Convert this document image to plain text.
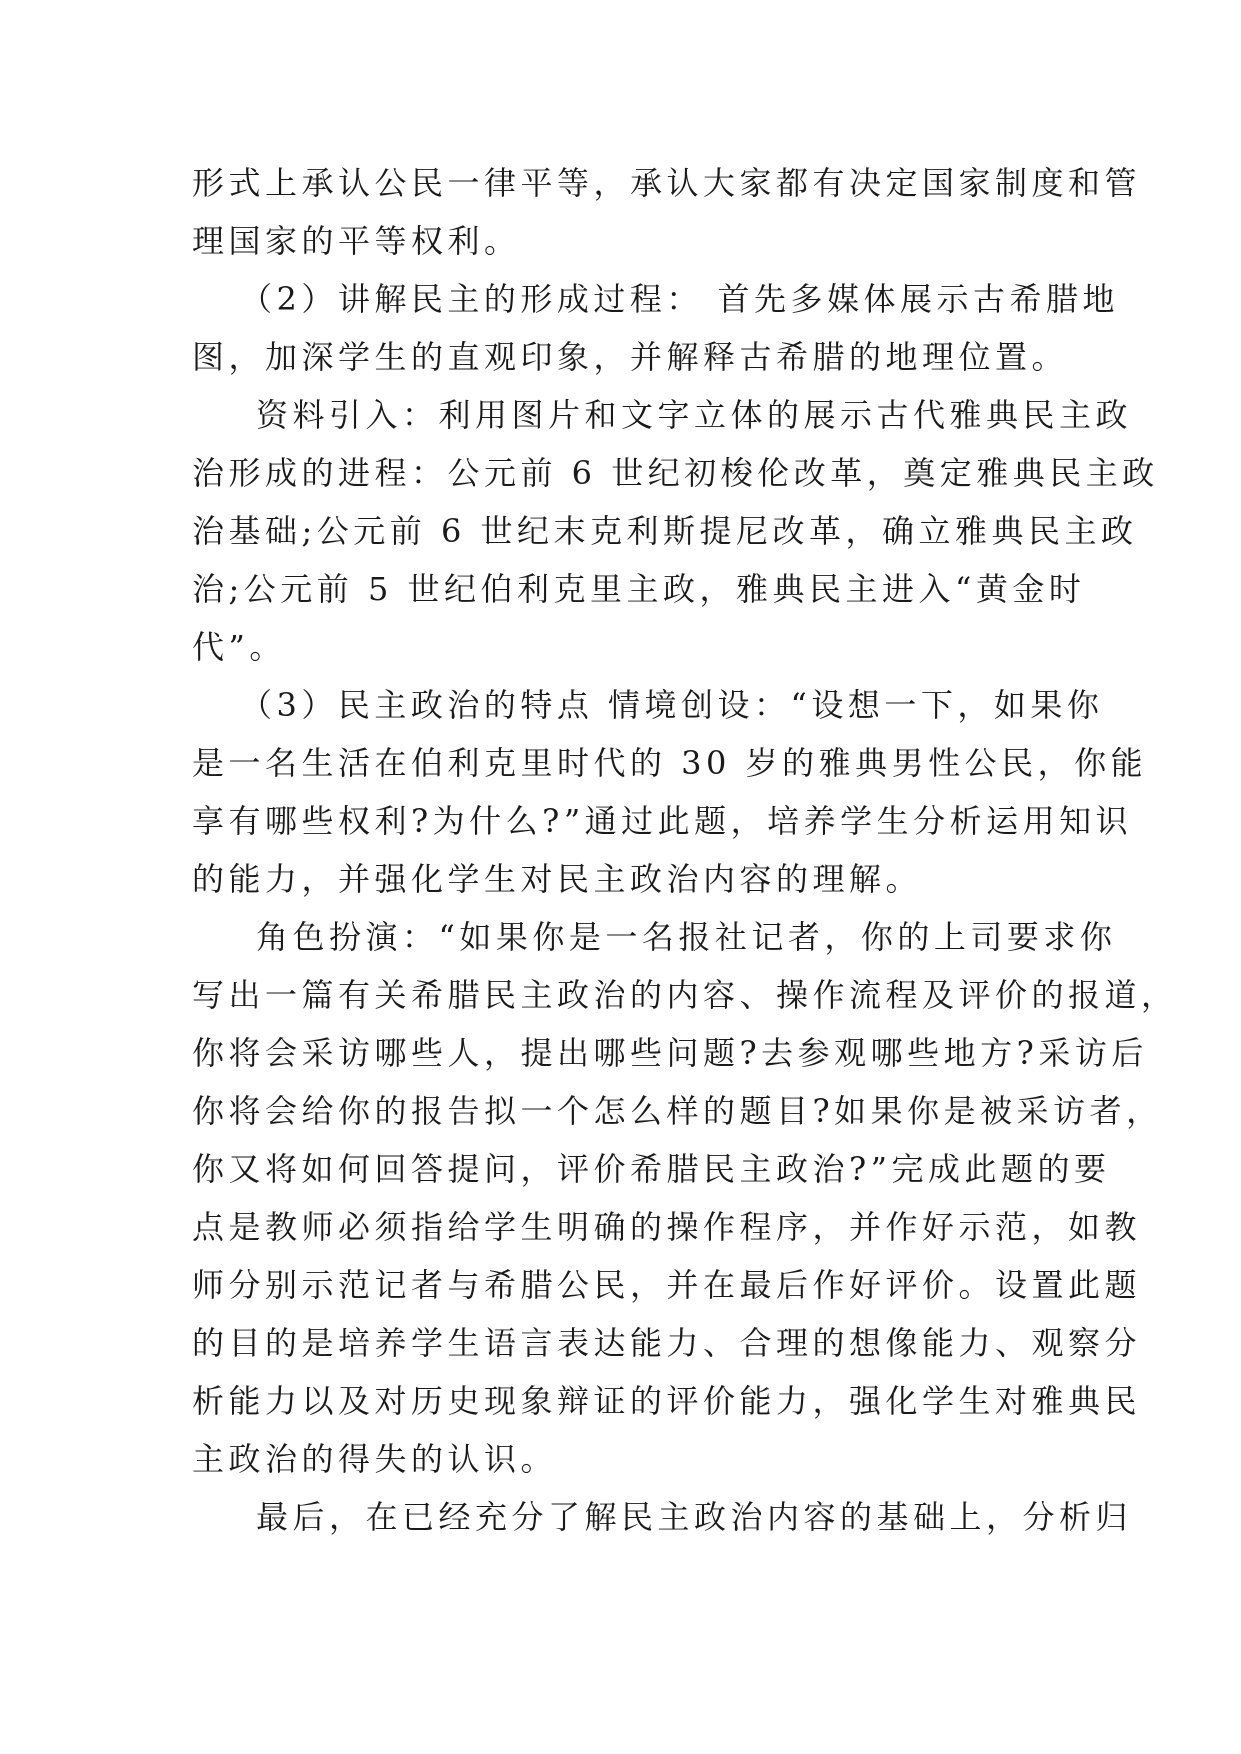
形式上承认公民一律平等，承认大家都有决定国家制度和管
理国家的平等权利。

（2）讲解民主的形成过程： 首先多媒体展示古希腊地
图，加深学生的直观印象，并解释古希腊的地理位置。

资料引入：利用图片和文字立体的展示古代雅典民主政
治形成的进程：公元前 6 世纪初梭伦改革，奠定雅典民主政
治基础;公元前 6 世纪末克利斯提尼改革，确立雅典民主政
治;公元前 5 世纪伯利克里主政，雅典民主进入“黄金时
代”。

（3）民主政治的特点 情境创设：“设想一下，如果你
是一名生活在伯利克里时代的 30 岁的雅典男性公民，你能
享有哪些权利?为什么?”通过此题，培养学生分析运用知识
的能力，并强化学生对民主政治内容的理解。

角色扮演：“如果你是一名报社记者，你的上司要求你
写出一篇有关希腊民主政治的内容、操作流程及评价的报道，
你将会采访哪些人，提出哪些问题?去参观哪些地方?采访后
你将会给你的报告拟一个怎么样的题目?如果你是被采访者，
你又将如何回答提问，评价希腊民主政治?”完成此题的要
点是教师必须指给学生明确的操作程序，并作好示范，如教
师分别示范记者与希腊公民，并在最后作好评价。设置此题
的目的是培养学生语言表达能力、合理的想像能力、观察分
析能力以及对历史现象辩证的评价能力，强化学生对雅典民
主政治的得失的认识。

最后，在已经充分了解民主政治内容的基础上，分析归
